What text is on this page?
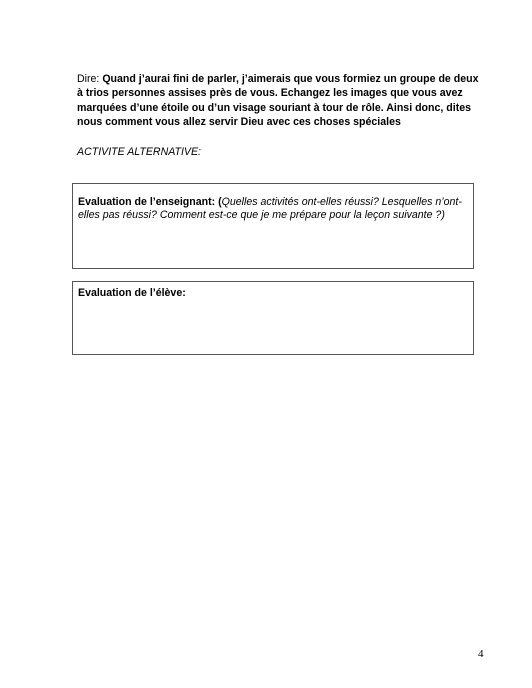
Dire: Quand j’aurai fini de parler, j’aimerais que vous formiez un groupe de deux à trios personnes assises près de vous. Echangez les images que vous avez marquées d’une étoile ou d’un visage souriant à tour de rôle. Ainsi donc, dites nous comment vous allez servir Dieu avec ces choses spéciales
ACTIVITE ALTERNATIVE:
Evaluation de l’enseignant: (Quelles activités ont-elles réussi? Lesquelles n’ont-elles pas réussi? Comment est-ce que je me prépare pour la leçon suivante ?)
Evaluation de l’élève:
4
